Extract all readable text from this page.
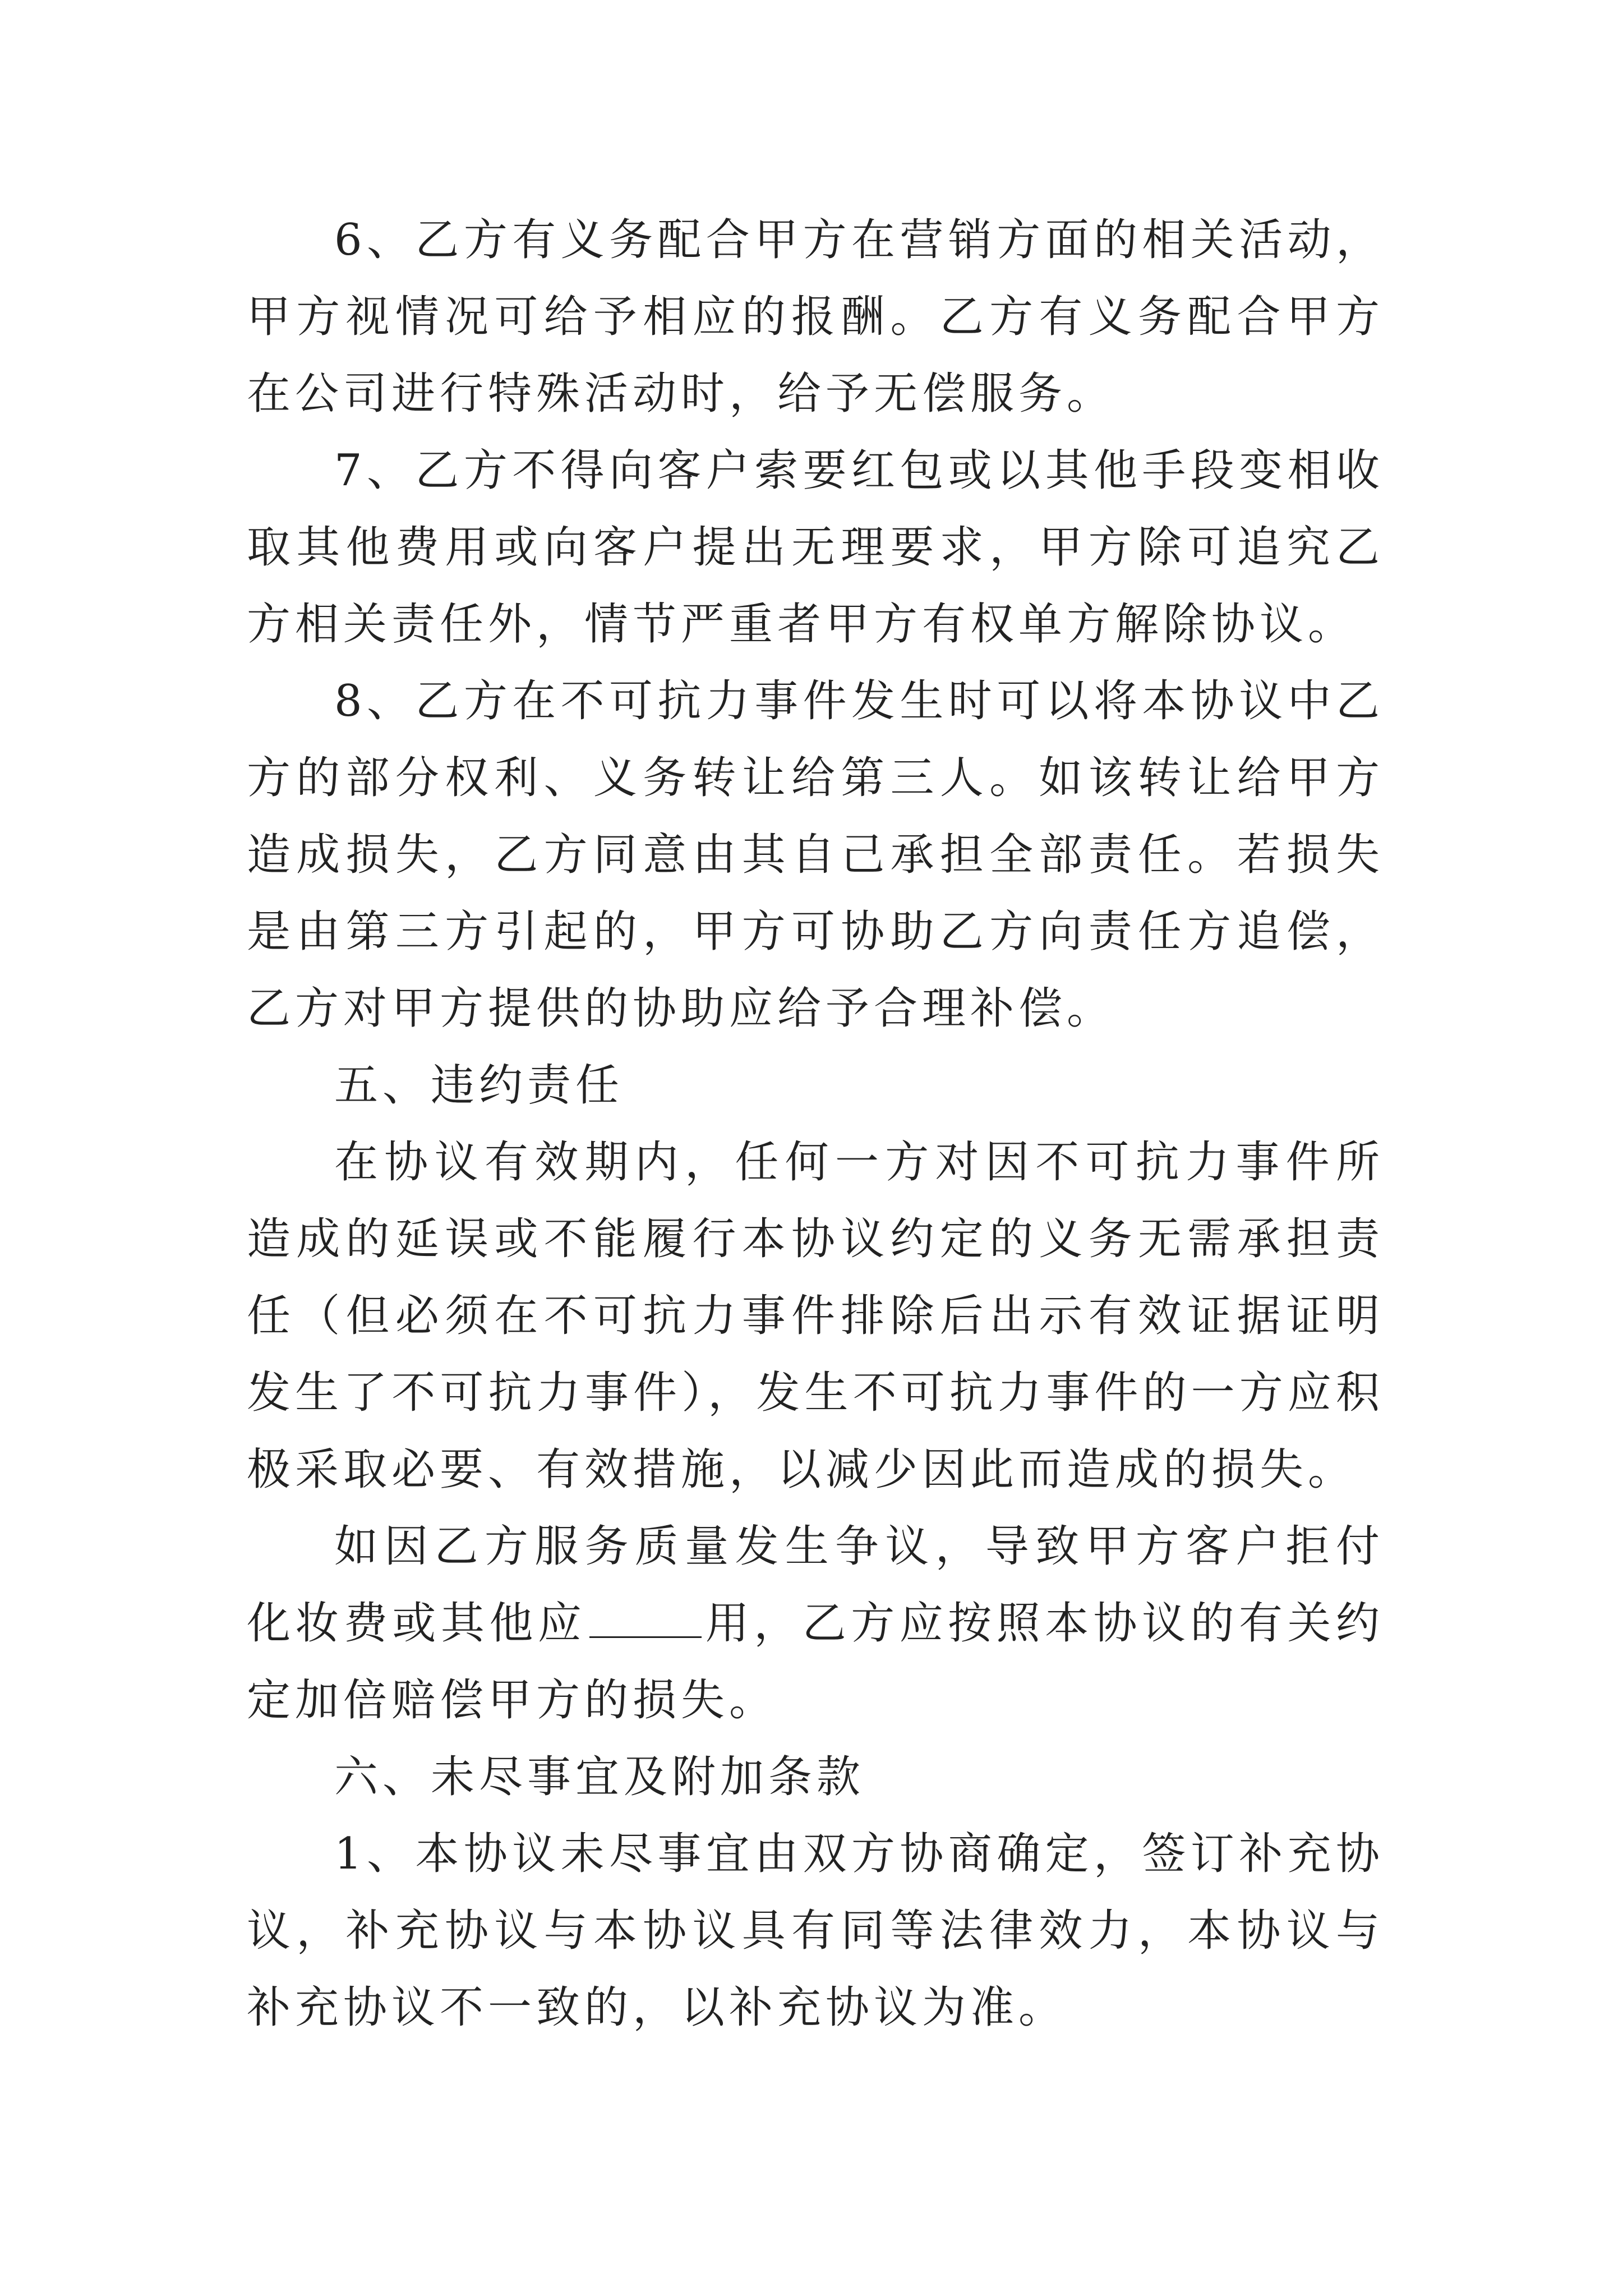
6、乙方有义务配合甲方在营销方面的相关活动，甲方视情况可给予相应的报酬。乙方有义务配合甲方在公司进行特殊活动时，给予无偿服务。

7、乙方不得向客户索要红包或以其他手段变相收取其他费用或向客户提出无理要求，甲方除可追究乙方相关责任外，情节严重者甲方有权单方解除协议。

8、乙方在不可抗力事件发生时可以将本协议中乙方的部分权利、义务转让给第三人。如该转让给甲方造成损失，乙方同意由其自己承担全部责任。若损失是由第三方引起的，甲方可协助乙方向责任方追偿，乙方对甲方提供的协助应给予合理补偿。

五、违约责任

在协议有效期内，任何一方对因不可抗力事件所造成的延误或不能履行本协议约定的义务无需承担责任（但必须在不可抗力事件排除后出示有效证据证明发生了不可抗力事件），发生不可抗力事件的一方应积极采取必要、有效措施，以减少因此而造成的损失。

如因乙方服务质量发生争议，导致甲方客户拒付化妆费或其他应	用，乙方应按照本协议的有关约定加倍赔偿甲方的损失。

六、未尽事宜及附加条款

1、本协议未尽事宜由双方协商确定，签订补充协议，补充协议与本协议具有同等法律效力，本协议与补充协议不一致的，以补充协议为准。
